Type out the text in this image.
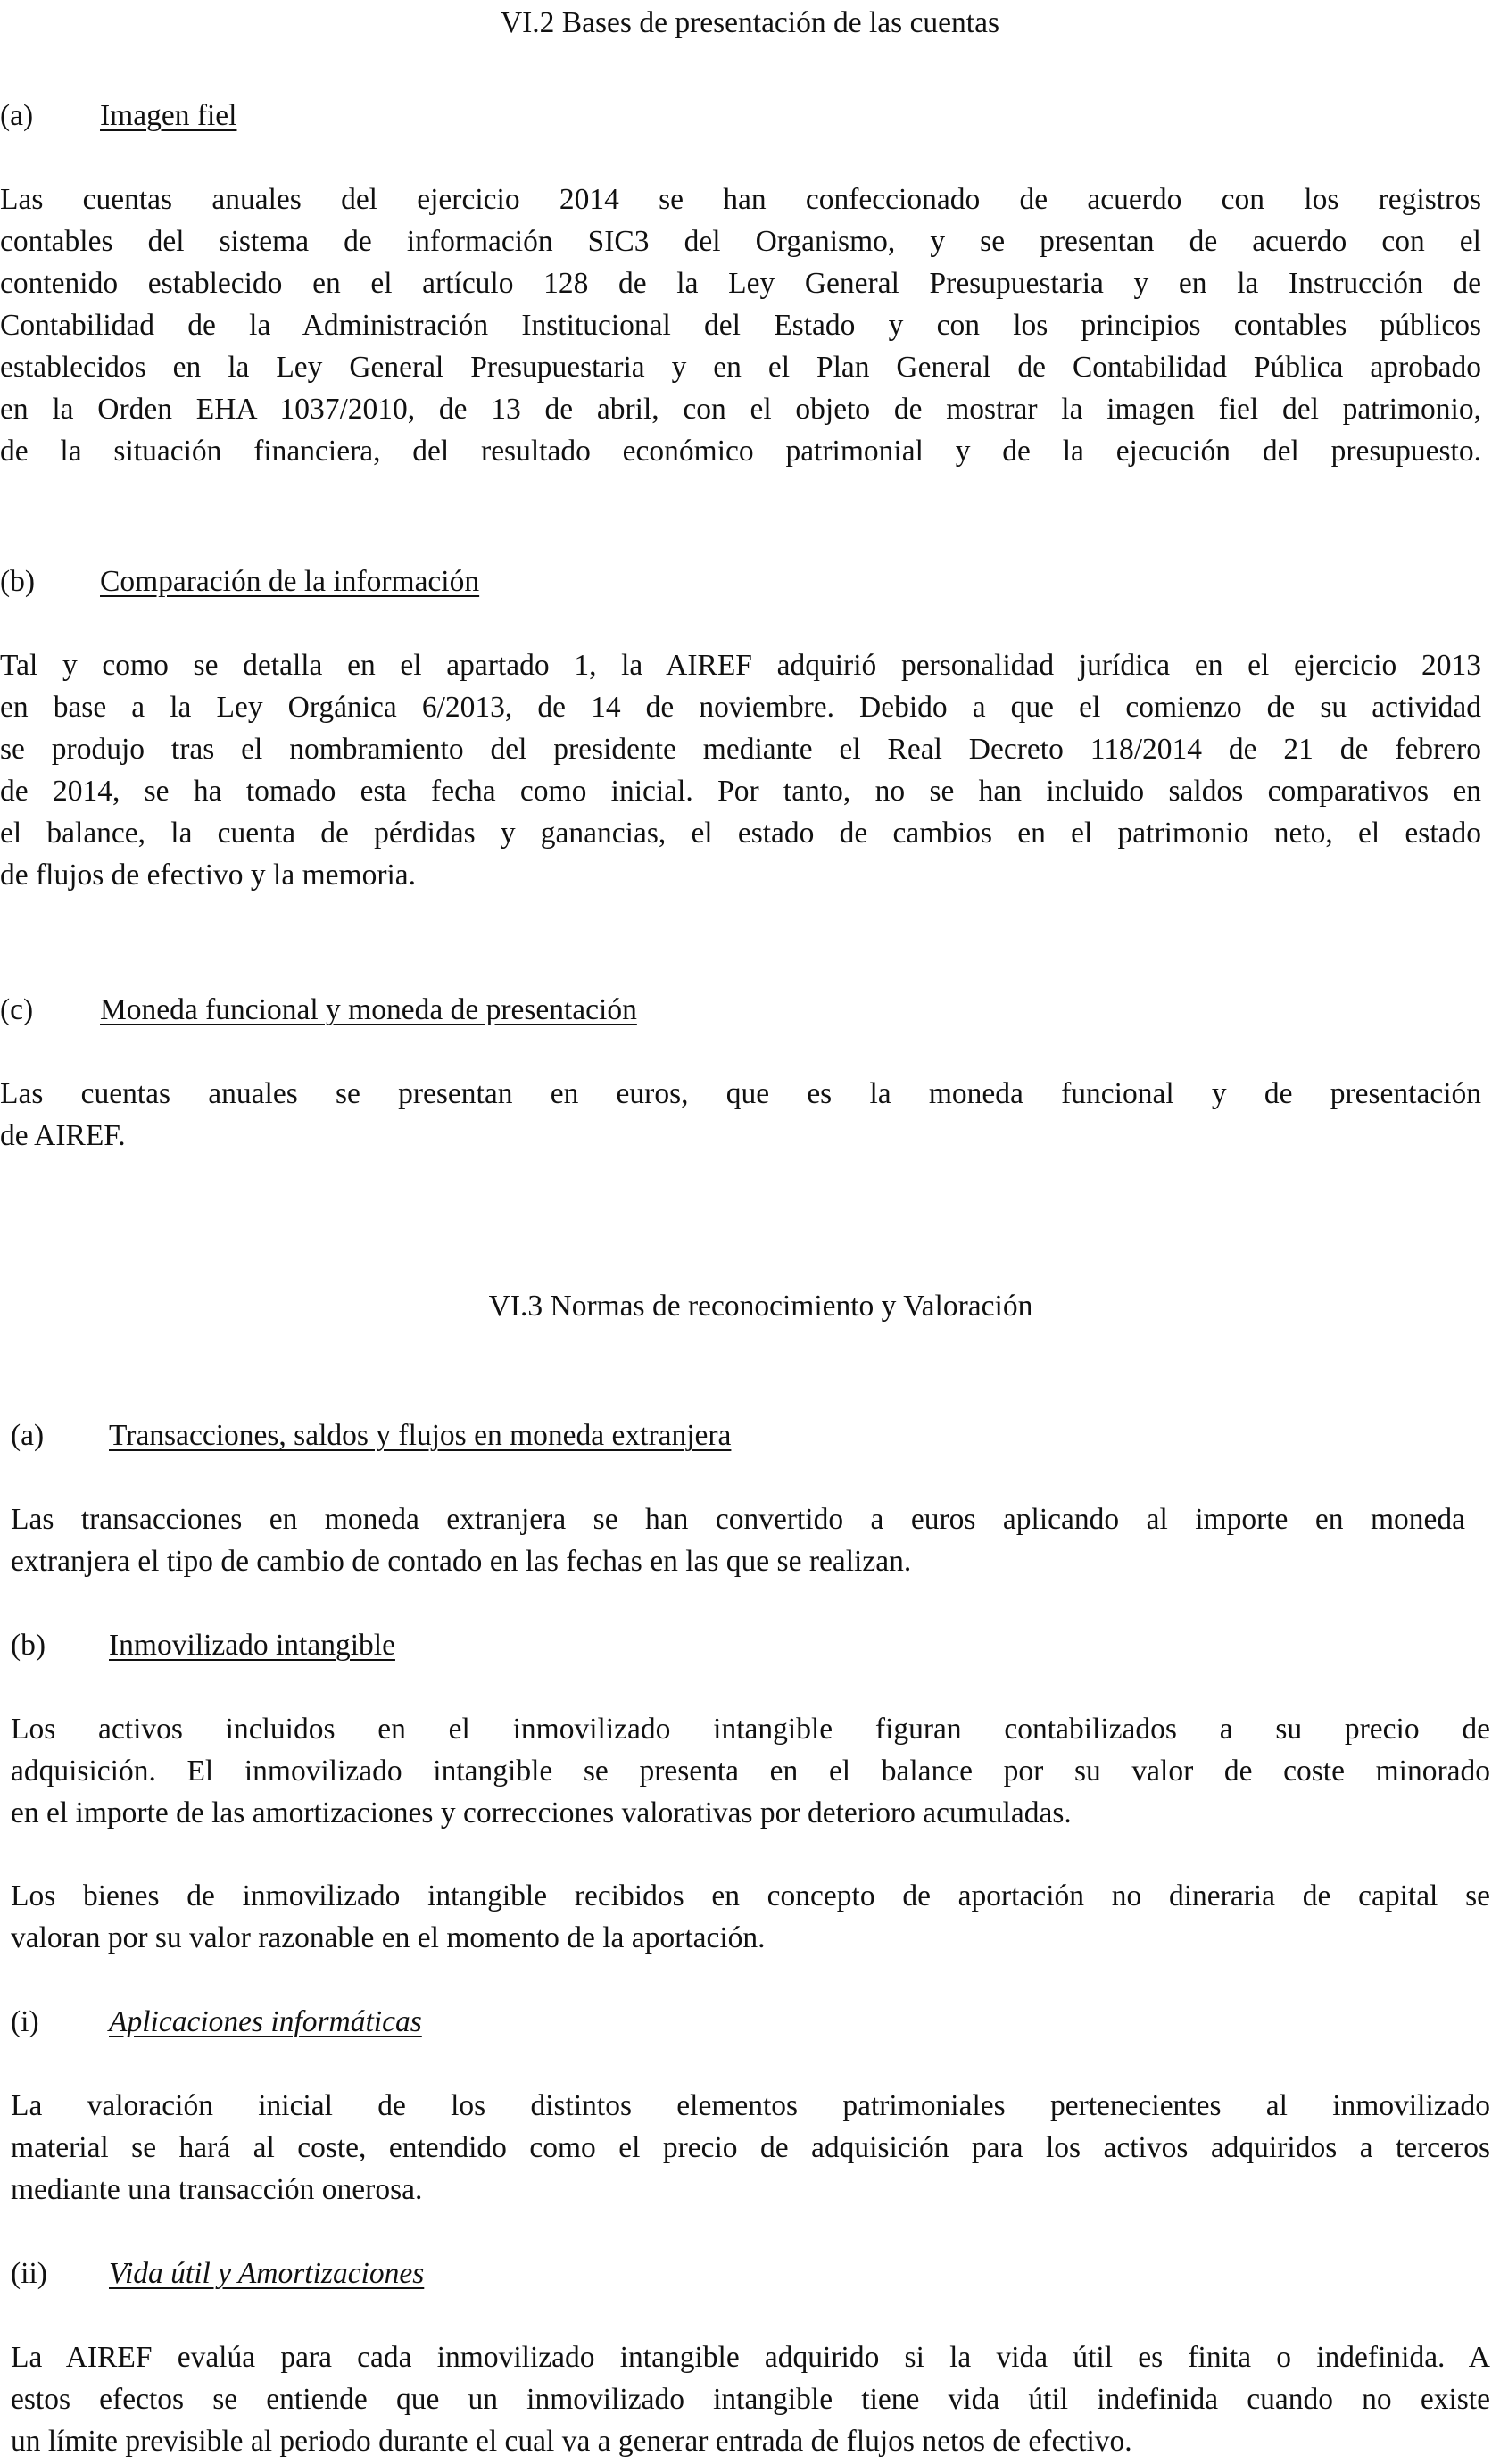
VI.2 Bases de presentación de las cuentas
(a) Imagen fiel
Las cuentas anuales del ejercicio 2014 se han confeccionado de acuerdo con los registros
contables del sistema de información SIC3 del Organismo, y se presentan de acuerdo con el
contenido establecido en el artículo 128 de la Ley General Presupuestaria y en la Instrucción de
Contabilidad de la Administración Institucional del Estado y con los principios contables públicos
establecidos en la Ley General Presupuestaria y en el Plan General de Contabilidad Pública aprobado
en la Orden EHA 1037/2010, de 13 de abril, con el objeto de mostrar la imagen fiel del patrimonio,
de la situación financiera, del resultado económico patrimonial y de la ejecución del presupuesto.
(b) Comparación de la información
Tal y como se detalla en el apartado 1, la AIREF adquirió personalidad jurídica en el ejercicio 2013
en base a la Ley Orgánica 6/2013, de 14 de noviembre. Debido a que el comienzo de su actividad
se produjo tras el nombramiento del presidente mediante el Real Decreto 118/2014 de 21 de febrero
de 2014, se ha tomado esta fecha como inicial. Por tanto, no se han incluido saldos comparativos en
el balance, la cuenta de pérdidas y ganancias, el estado de cambios en el patrimonio neto, el estado
de flujos de efectivo y la memoria.
(c) Moneda funcional y moneda de presentación
Las cuentas anuales se presentan en euros, que es la moneda funcional y de presentación
de AIREF.
VI.3 Normas de reconocimiento y Valoración
(a) Transacciones, saldos y flujos en moneda extranjera
Las transacciones en moneda extranjera se han convertido a euros aplicando al importe en moneda
extranjera el tipo de cambio de contado en las fechas en las que se realizan.
(b) Inmovilizado intangible
Los activos incluidos en el inmovilizado intangible figuran contabilizados a su precio de
adquisición. El inmovilizado intangible se presenta en el balance por su valor de coste minorado
en el importe de las amortizaciones y correcciones valorativas por deterioro acumuladas.
Los bienes de inmovilizado intangible recibidos en concepto de aportación no dineraria de capital se
valoran por su valor razonable en el momento de la aportación.
(i) Aplicaciones informáticas
La valoración inicial de los distintos elementos patrimoniales pertenecientes al inmovilizado
material se hará al coste, entendido como el precio de adquisición para los activos adquiridos a terceros
mediante una transacción onerosa.
(ii) Vida útil y Amortizaciones
La AIREF evalúa para cada inmovilizado intangible adquirido si la vida útil es finita o indefinida. A
estos efectos se entiende que un inmovilizado intangible tiene vida útil indefinida cuando no existe
un límite previsible al periodo durante el cual va a generar entrada de flujos netos de efectivo.
